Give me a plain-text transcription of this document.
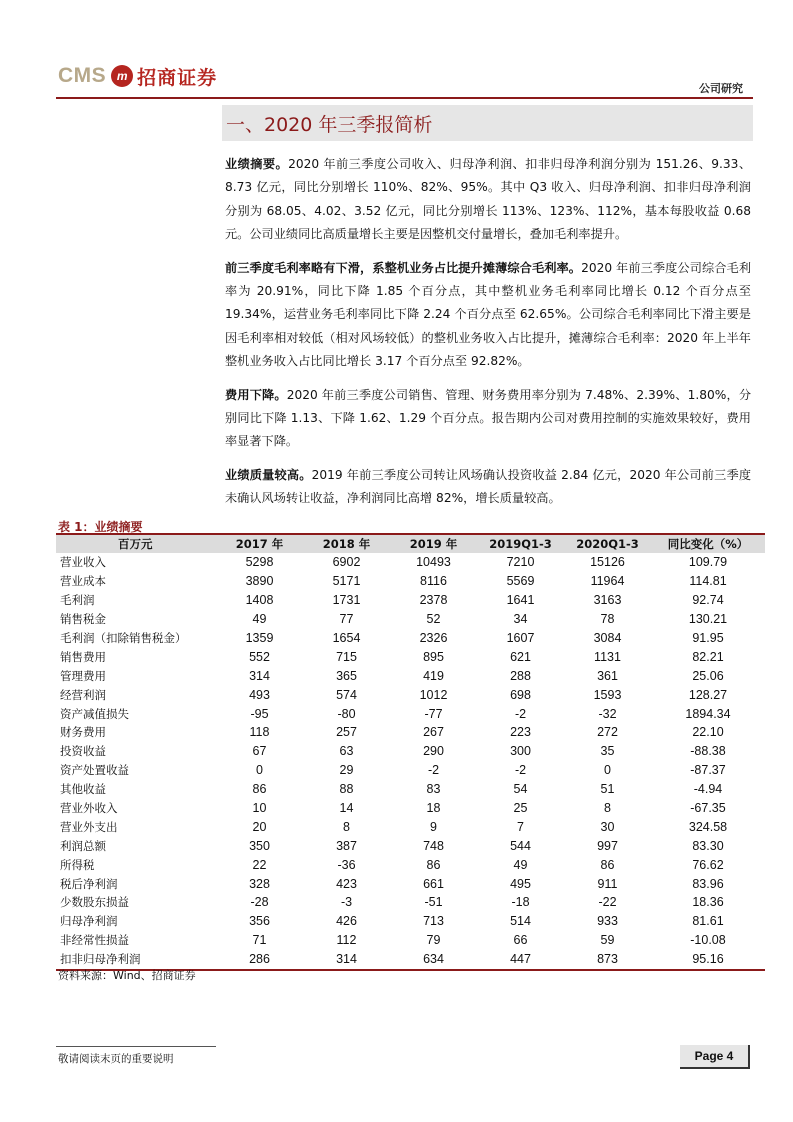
CMS m 招商证券	公司研究
一、2020 年三季报简析

业绩摘要。2020 年前三季度公司收入、归母净利润、扣非归母净利润分别为 151.26、9.33、8.73 亿元，同比分别增长 110%、82%、95%。其中 Q3 收入、归母净利润、扣非归母净利润分别为 68.05、4.02、3.52 亿元，同比分别增长 113%、123%、112%，基本每股收益 0.68 元。公司业绩同比高质量增长主要是因整机交付量增长，叠加毛利率提升。

前三季度毛利率略有下滑，系整机业务占比提升摊薄综合毛利率。2020 年前三季度公司综合毛利率为 20.91%，同比下降 1.85 个百分点，其中整机业务毛利率同比增长 0.12 个百分点至 19.34%，运营业务毛利率同比下降 2.24 个百分点至 62.65%。公司综合毛利率同比下滑主要是因毛利率相对较低（相对风场较低）的整机业务收入占比提升，摊薄综合毛利率：2020 年上半年整机业务收入占比同比增长 3.17 个百分点至 92.82%。

费用下降。2020 年前三季度公司销售、管理、财务费用率分别为 7.48%、2.39%、1.80%，分别同比下降 1.13、下降 1.62、1.29 个百分点。报告期内公司对费用控制的实施效果较好，费用率显著下降。

业绩质量较高。2019 年前三季度公司转让风场确认投资收益 2.84 亿元，2020 年公司前三季度未确认风场转让收益，净利润同比高增 82%，增长质量较高。

表 1：业绩摘要
百万元	2017 年	2018 年	2019 年	2019Q1-3	2020Q1-3	同比变化（%）
营业收入	5298	6902	10493	7210	15126	109.79
营业成本	3890	5171	8116	5569	11964	114.81
毛利润	1408	1731	2378	1641	3163	92.74
销售税金	49	77	52	34	78	130.21
毛利润（扣除销售税金）	1359	1654	2326	1607	3084	91.95
销售费用	552	715	895	621	1131	82.21
管理费用	314	365	419	288	361	25.06
经营利润	493	574	1012	698	1593	128.27
资产减值损失	-95	-80	-77	-2	-32	1894.34
财务费用	118	257	267	223	272	22.10
投资收益	67	63	290	300	35	-88.38
资产处置收益	0	29	-2	-2	0	-87.37
其他收益	86	88	83	54	51	-4.94
营业外收入	10	14	18	25	8	-67.35
营业外支出	20	8	9	7	30	324.58
利润总额	350	387	748	544	997	83.30
所得税	22	-36	86	49	86	76.62
税后净利润	328	423	661	495	911	83.96
少数股东损益	-28	-3	-51	-18	-22	18.36
归母净利润	356	426	713	514	933	81.61
非经常性损益	71	112	79	66	59	-10.08
扣非归母净利润	286	314	634	447	873	95.16
资料来源：Wind、招商证券
敬请阅读末页的重要说明	Page 4
